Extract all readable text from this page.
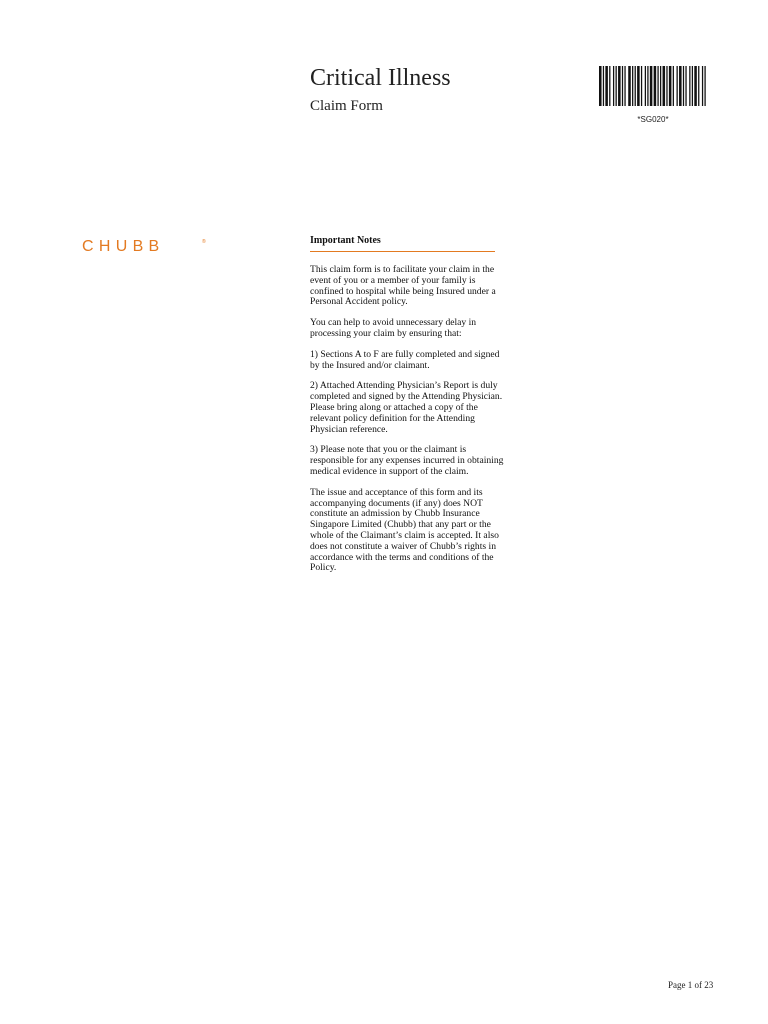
Critical Illness
Claim Form
*SG020*
CHUBB	®	Important Notes

This claim form is to facilitate your claim in the event of you or a member of your family is confined to hospital while being Insured under a Personal Accident policy.

You can help to avoid unnecessary delay in processing your claim by ensuring that:

1) Sections A to F are fully completed and signed by the Insured and/or claimant.

2) Attached Attending Physician’s Report is duly completed and signed by the Attending Physician. Please bring along or attached a copy of the relevant policy definition for the Attending Physician reference.

3) Please note that you or the claimant is responsible for any expenses incurred in obtaining medical evidence in support of the claim.

The issue and acceptance of this form and its accompanying documents (if any) does NOT constitute an admission by Chubb Insurance Singapore Limited (Chubb) that any part or the whole of the Claimant’s claim is accepted. It also does not constitute a waiver of Chubb’s rights in accordance with the terms and conditions of the Policy.

Page 1 of 23
